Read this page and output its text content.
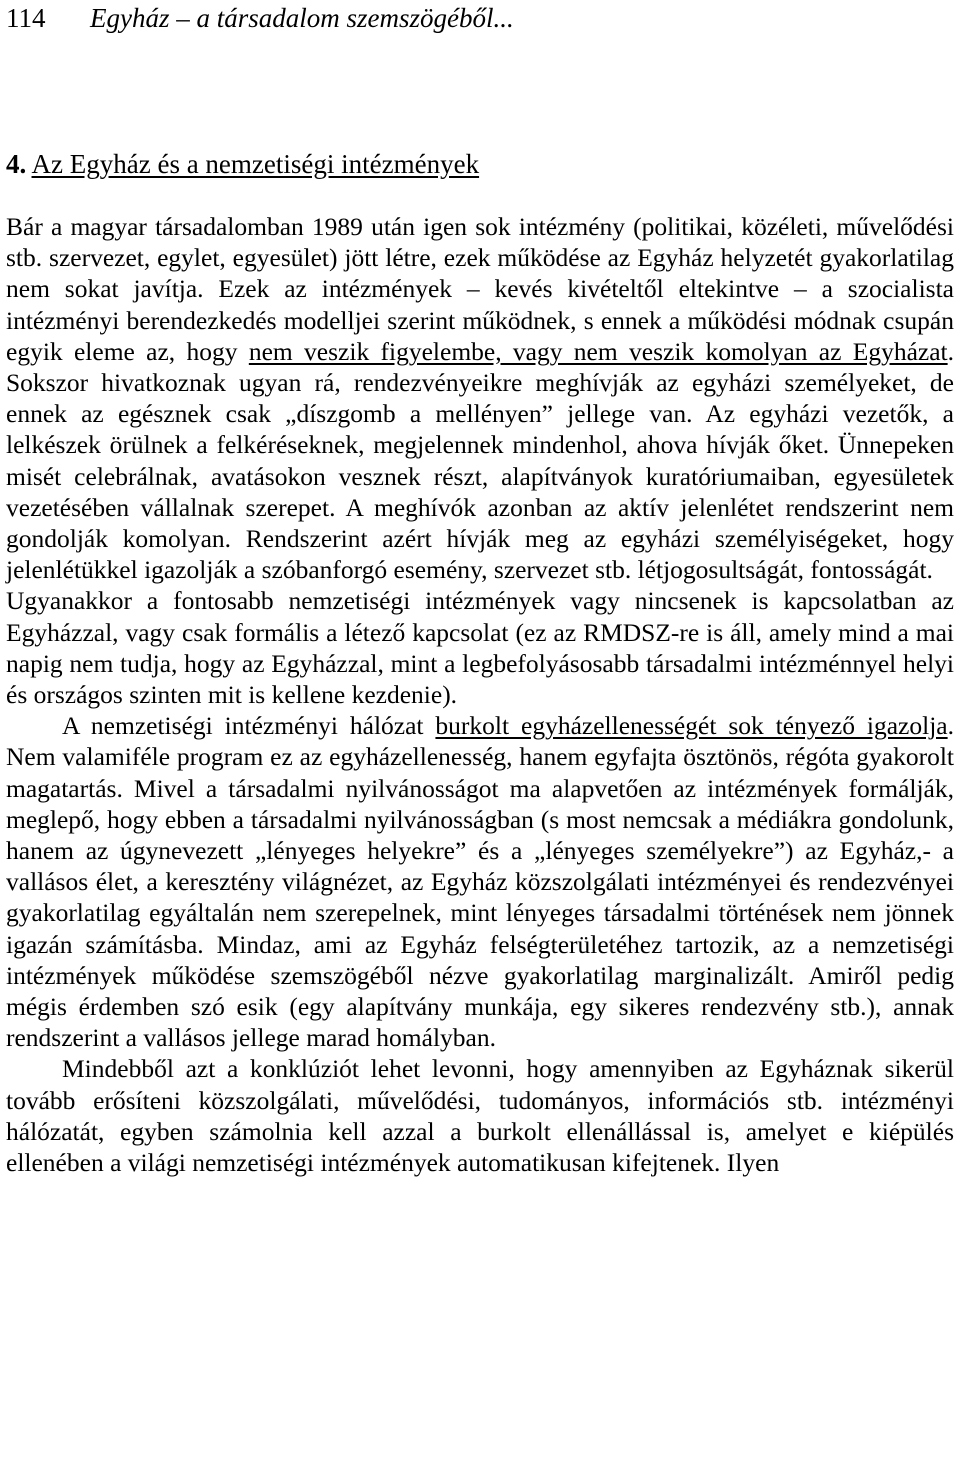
114 Egyház – a társadalom szemszögéből...
4. Az Egyház és a nemzetiségi intézmények

Bár a magyar társadalomban 1989 után igen sok intézmény (politikai, közéleti, művelődési stb. szervezet, egylet, egyesület) jött létre, ezek működése az Egyház helyzetét gyakorlatilag nem sokat javítja. Ezek az intézmények – kevés kivételtől eltekintve – a szocialista intézményi berendezkedés modelljei szerint működnek, s ennek a működési módnak csupán egyik eleme az, hogy nem veszik figyelembe, vagy nem veszik komolyan az Egyházat. Sokszor hivatkoznak ugyan rá, rendezvényeikre meghívják az egyházi személyeket, de ennek az egésznek csak „díszgomb a mellényen” jellege van. Az egyházi vezetők, a lelkészek örülnek a felkéréseknek, megjelennek mindenhol, ahova hívják őket. Ünnepeken misét celebrálnak, avatásokon vesznek részt, alapítványok kuratóriumaiban, egyesületek vezetésében vállalnak szerepet. A meghívók azonban az aktív jelenlétet rendszerint nem gondolják komolyan. Rendszerint azért hívják meg az egyházi személyiségeket, hogy jelenlétükkel igazolják a szóbanforgó esemény, szervezet stb. létjogosultságát, fontosságát.

Ugyanakkor a fontosabb nemzetiségi intézmények vagy nincsenek is kapcsolatban az Egyházzal, vagy csak formális a létező kapcsolat (ez az RMDSZ-re is áll, amely mind a mai napig nem tudja, hogy az Egyházzal, mint a legbefolyásosabb társadalmi intézménnyel helyi és országos szinten mit is kellene kezdenie).

A nemzetiségi intézményi hálózat burkolt egyházellenességét sok tényező igazolja. Nem valamiféle program ez az egyházellenesség, hanem egyfajta ösztönös, régóta gyakorolt magatartás. Mivel a társadalmi nyilvánosságot ma alapvetően az intézmények formálják, meglepő, hogy ebben a társadalmi nyilvánosságban (s most nemcsak a médiákra gondolunk, hanem az úgynevezett „lényeges helyekre” és a „lényeges személyekre”) az Egyház,- a vallásos élet, a keresztény világnézet, az Egyház közszolgálati intézményei és rendezvényei gyakorlatilag egyáltalán nem szerepelnek, mint lényeges társadalmi történések nem jönnek igazán számításba. Mindaz, ami az Egyház felségterületéhez tartozik, az a nemzetiségi intézmények működése szemszögéből nézve gyakorlatilag marginalizált. Amiről pedig mégis érdemben szó esik (egy alapítvány munkája, egy sikeres rendezvény stb.), annak rendszerint a vallásos jellege marad homályban.

Mindebből azt a konklúziót lehet levonni, hogy amennyiben az Egyháznak sikerül tovább erősíteni közszolgálati, művelődési, tudományos, információs stb. intézményi hálózatát, egyben számolnia kell azzal a burkolt ellenállással is, amelyet e kiépülés ellenében a világi nemzetiségi intézmények automatikusan kifejtenek. Ilyen
